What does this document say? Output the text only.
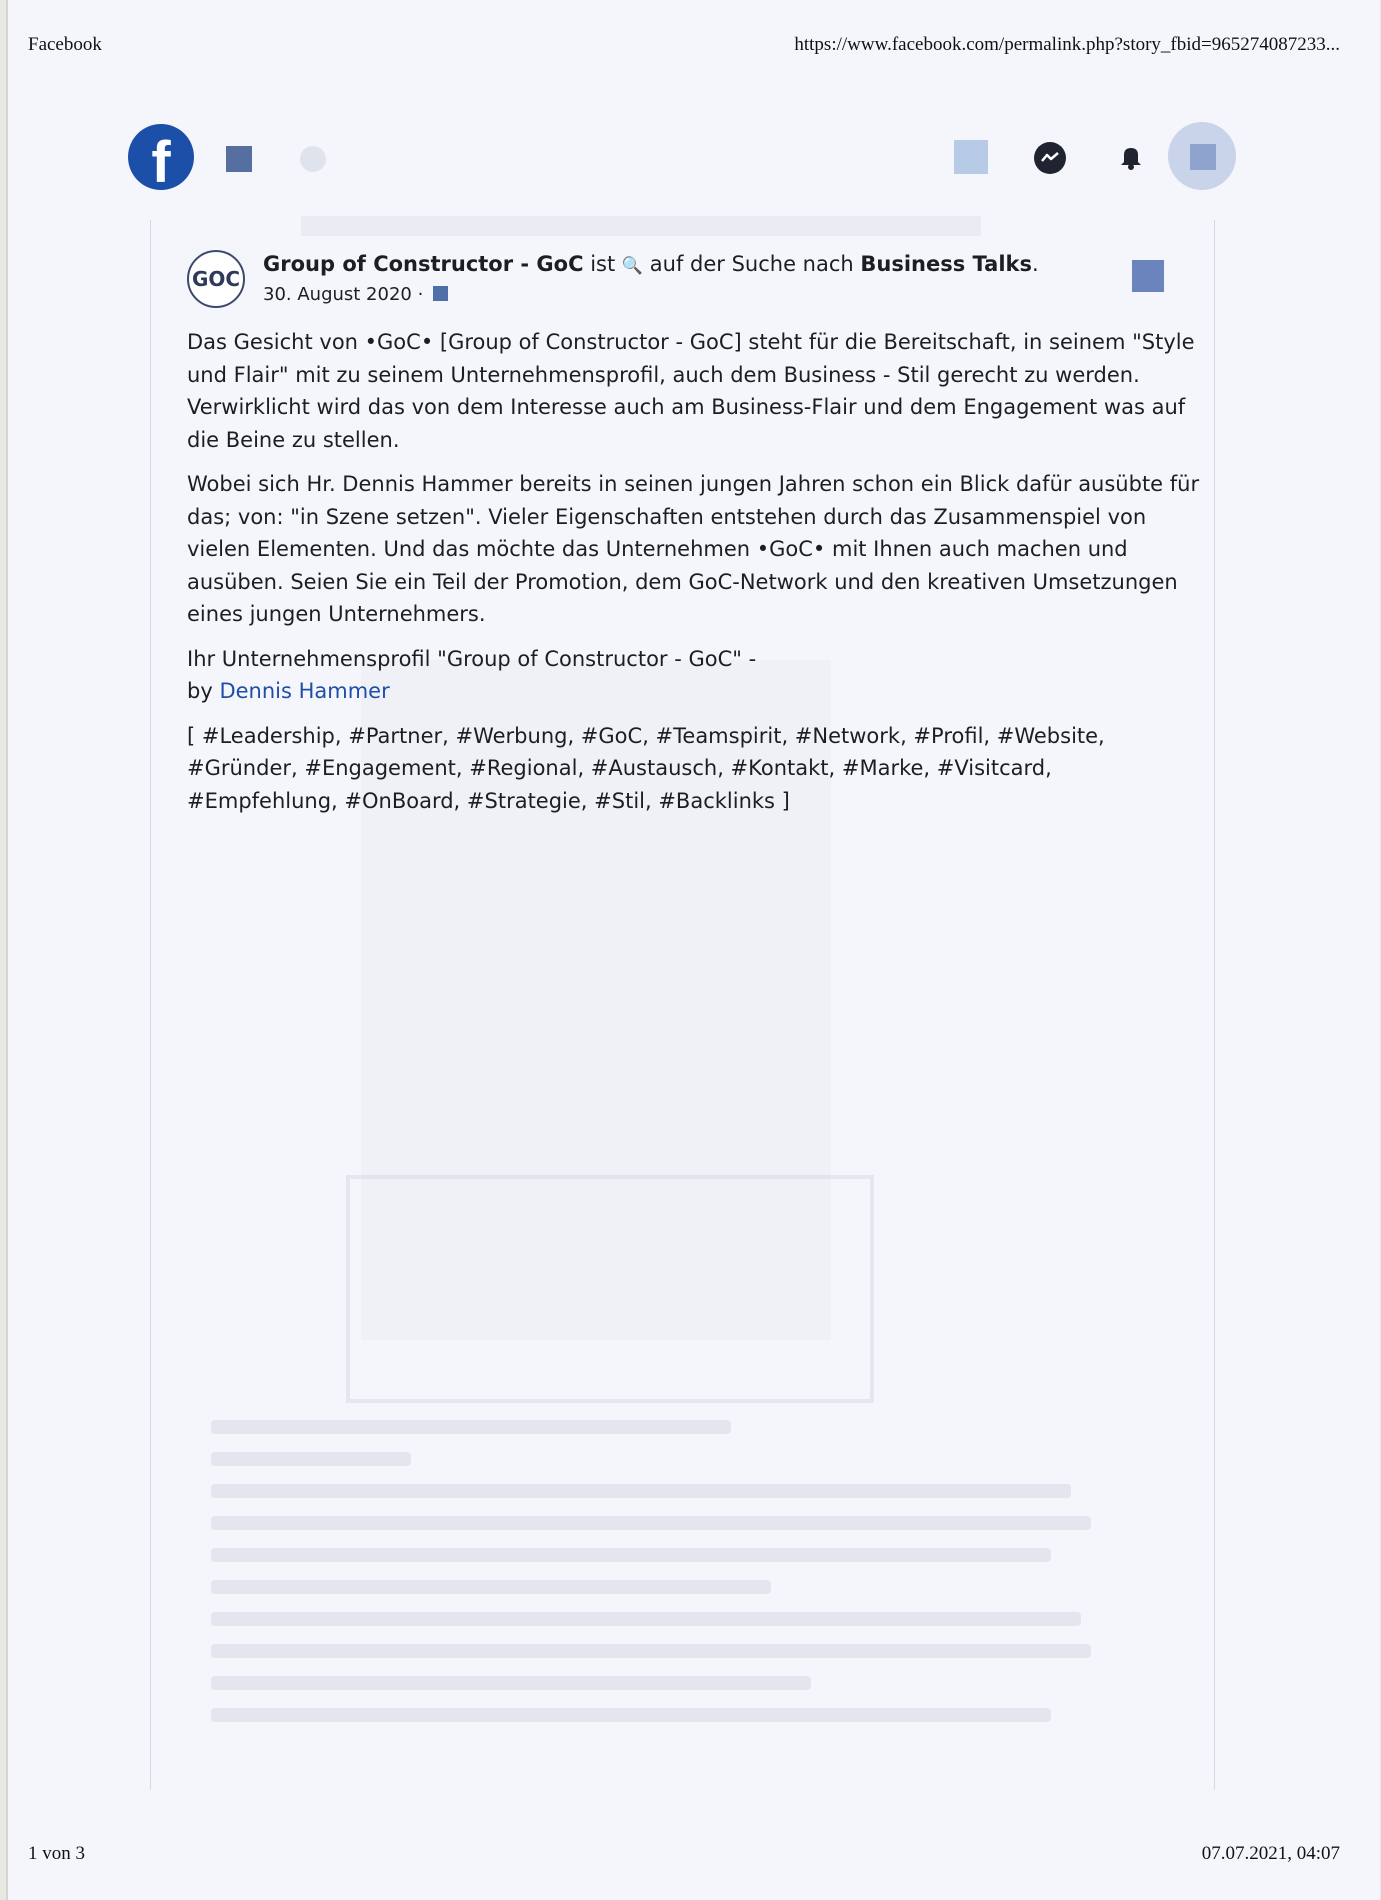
Facebook	https://www.facebook.com/permalink.php?story_fbid=965274087233...
f
GOC
Group of Constructor - GoC ist 🔍 auf der Suche nach Business Talks.
30. August 2020 ·

Das Gesicht von •GoC• [Group of Constructor - GoC] steht für die Bereitschaft, in seinem "Style und Flair" mit zu seinem Unternehmensprofil, auch dem Business - Stil gerecht zu werden. Verwirklicht wird das von dem Interesse auch am Business-Flair und dem Engagement was auf die Beine zu stellen.

Wobei sich Hr. Dennis Hammer bereits in seinen jungen Jahren schon ein Blick dafür ausübte für das; von: "in Szene setzen". Vieler Eigenschaften entstehen durch das Zusammenspiel von vielen Elementen. Und das möchte das Unternehmen •GoC• mit Ihnen auch machen und ausüben. Seien Sie ein Teil der Promotion, dem GoC-Network und den kreativen Umsetzungen eines jungen Unternehmers.

Ihr Unternehmensprofil "Group of Constructor - GoC" -
by Dennis Hammer

[ #Leadership, #Partner, #Werbung, #GoC, #Teamspirit, #Network, #Profil, #Website, #Gründer, #Engagement, #Regional, #Austausch, #Kontakt, #Marke, #Visitcard, #Empfehlung, #OnBoard, #Strategie, #Stil, #Backlinks ]

1 von 3	07.07.2021, 04:07
